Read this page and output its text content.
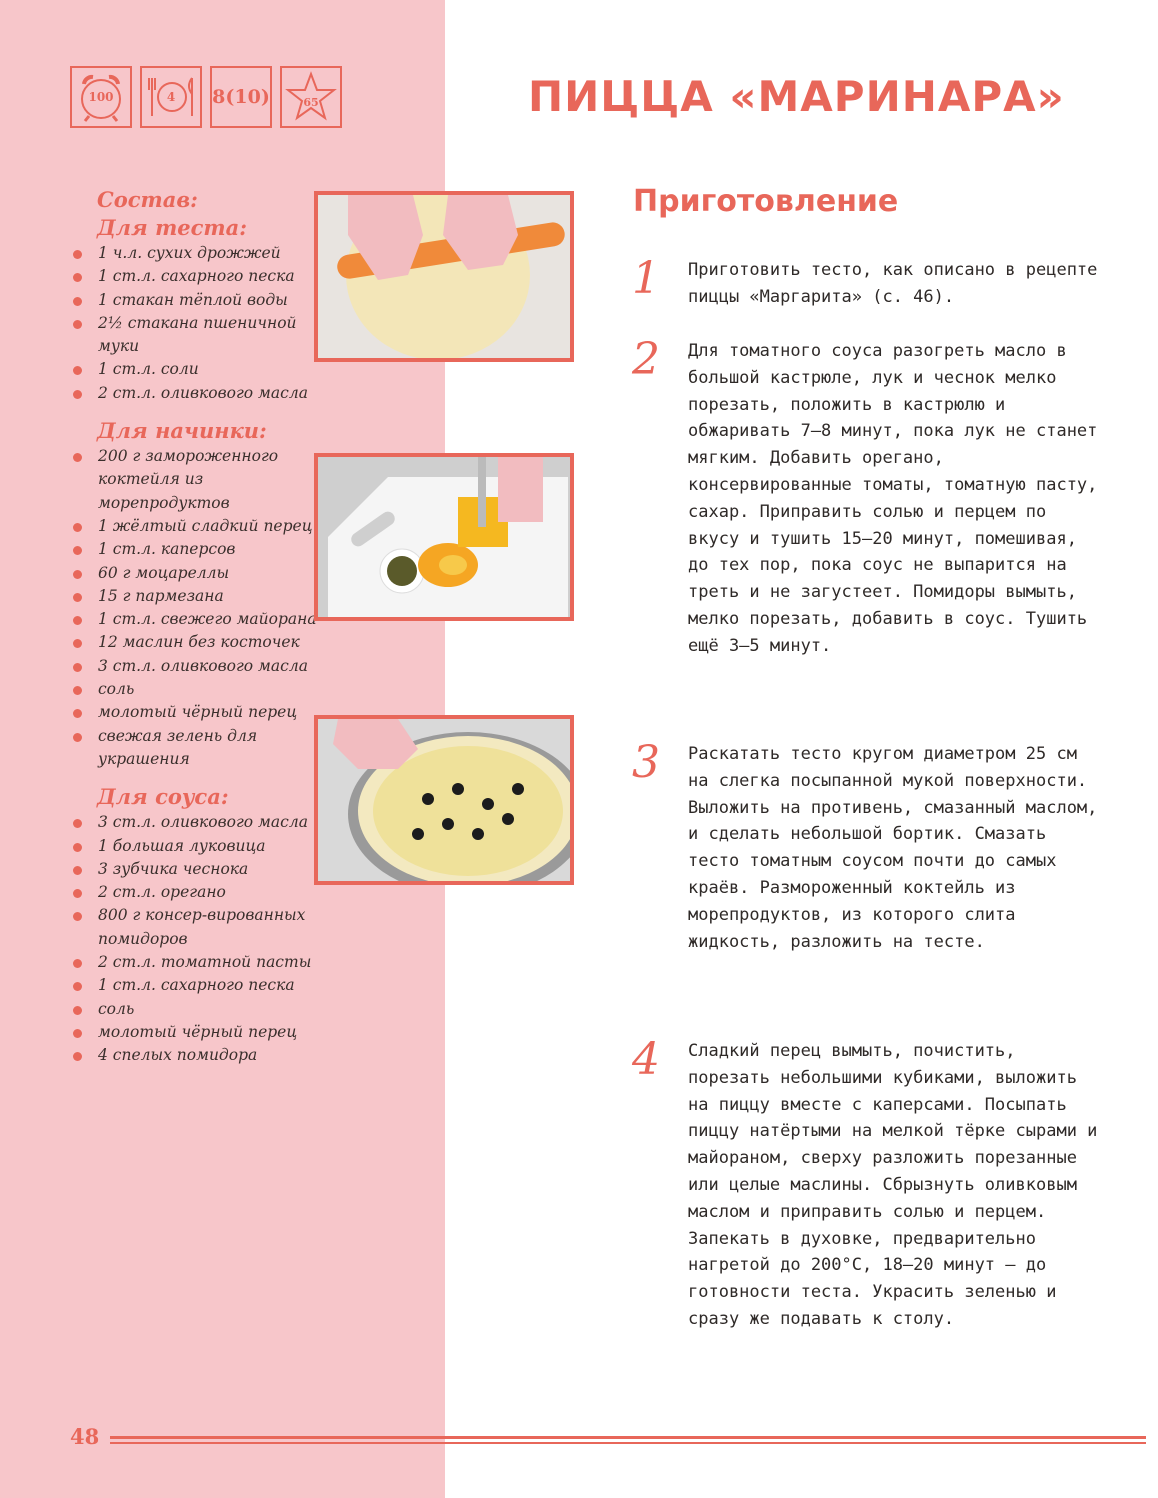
100	4 8(10)	65	ПИЦЦА «МАРИНАРА»
Состав:
Для теста:
1 ч.л. сухих дрожжей
1 ст.л. сахарного песка
1 стакан тёплой воды
2½ стакана пшеничной муки
1 ст.л. соли
2 ст.л. оливкового масла
Для начинки:
200 г замороженного коктейля из морепродуктов
1 жёлтый сладкий перец
1 ст.л. каперсов
60 г моцареллы
15 г пармезана
1 ст.л. свежего майорана
12 маслин без косточек
3 ст.л. оливкового масла
соль
молотый чёрный перец
свежая зелень для украшения
Для соуса:
3 ст.л. оливкового масла
1 большая луковица
3 зубчика чеснока
2 ст.л. орегано
800 г консер-вированных помидоров
2 ст.л. томатной пасты
1 ст.л. сахарного песка
соль
молотый чёрный перец
4 спелых помидора
Приготовление
1 Приготовить тесто, как описано в рецепте пиццы «Маргарита» (с. 46).
2 Для томатного соуса разогреть масло в большой кастрюле, лук и чеснок мелко порезать, положить в кастрюлю и обжаривать 7–8 минут, пока лук не станет мягким. Добавить орегано, консервированные томаты, томатную пасту, сахар. Приправить солью и перцем по вкусу и тушить 15–20 минут, помешивая, до тех пор, пока соус не выпарится на треть и не загустеет. Помидоры вымыть, мелко порезать, добавить в соус. Тушить ещё 3–5 минут.
3 Раскатать тесто кругом диаметром 25 см на слегка посыпанной мукой поверхности. Выложить на противень, смазанный маслом, и сделать небольшой бортик. Смазать тесто томатным соусом почти до самых краёв. Размороженный коктейль из морепродуктов, из которого слита жидкость, разложить на тесте.
4 Сладкий перец вымыть, почистить, порезать небольшими кубиками, выложить на пиццу вместе с каперсами. Посыпать пиццу натёртыми на мелкой тёрке сырами и майораном, сверху разложить порезанные или целые маслины. Сбрызнуть оливковым маслом и приправить солью и перцем. Запекать в духовке, предварительно нагретой до 200°С, 18–20 минут – до готовности теста. Украсить зеленью и сразу же подавать к столу.
48
